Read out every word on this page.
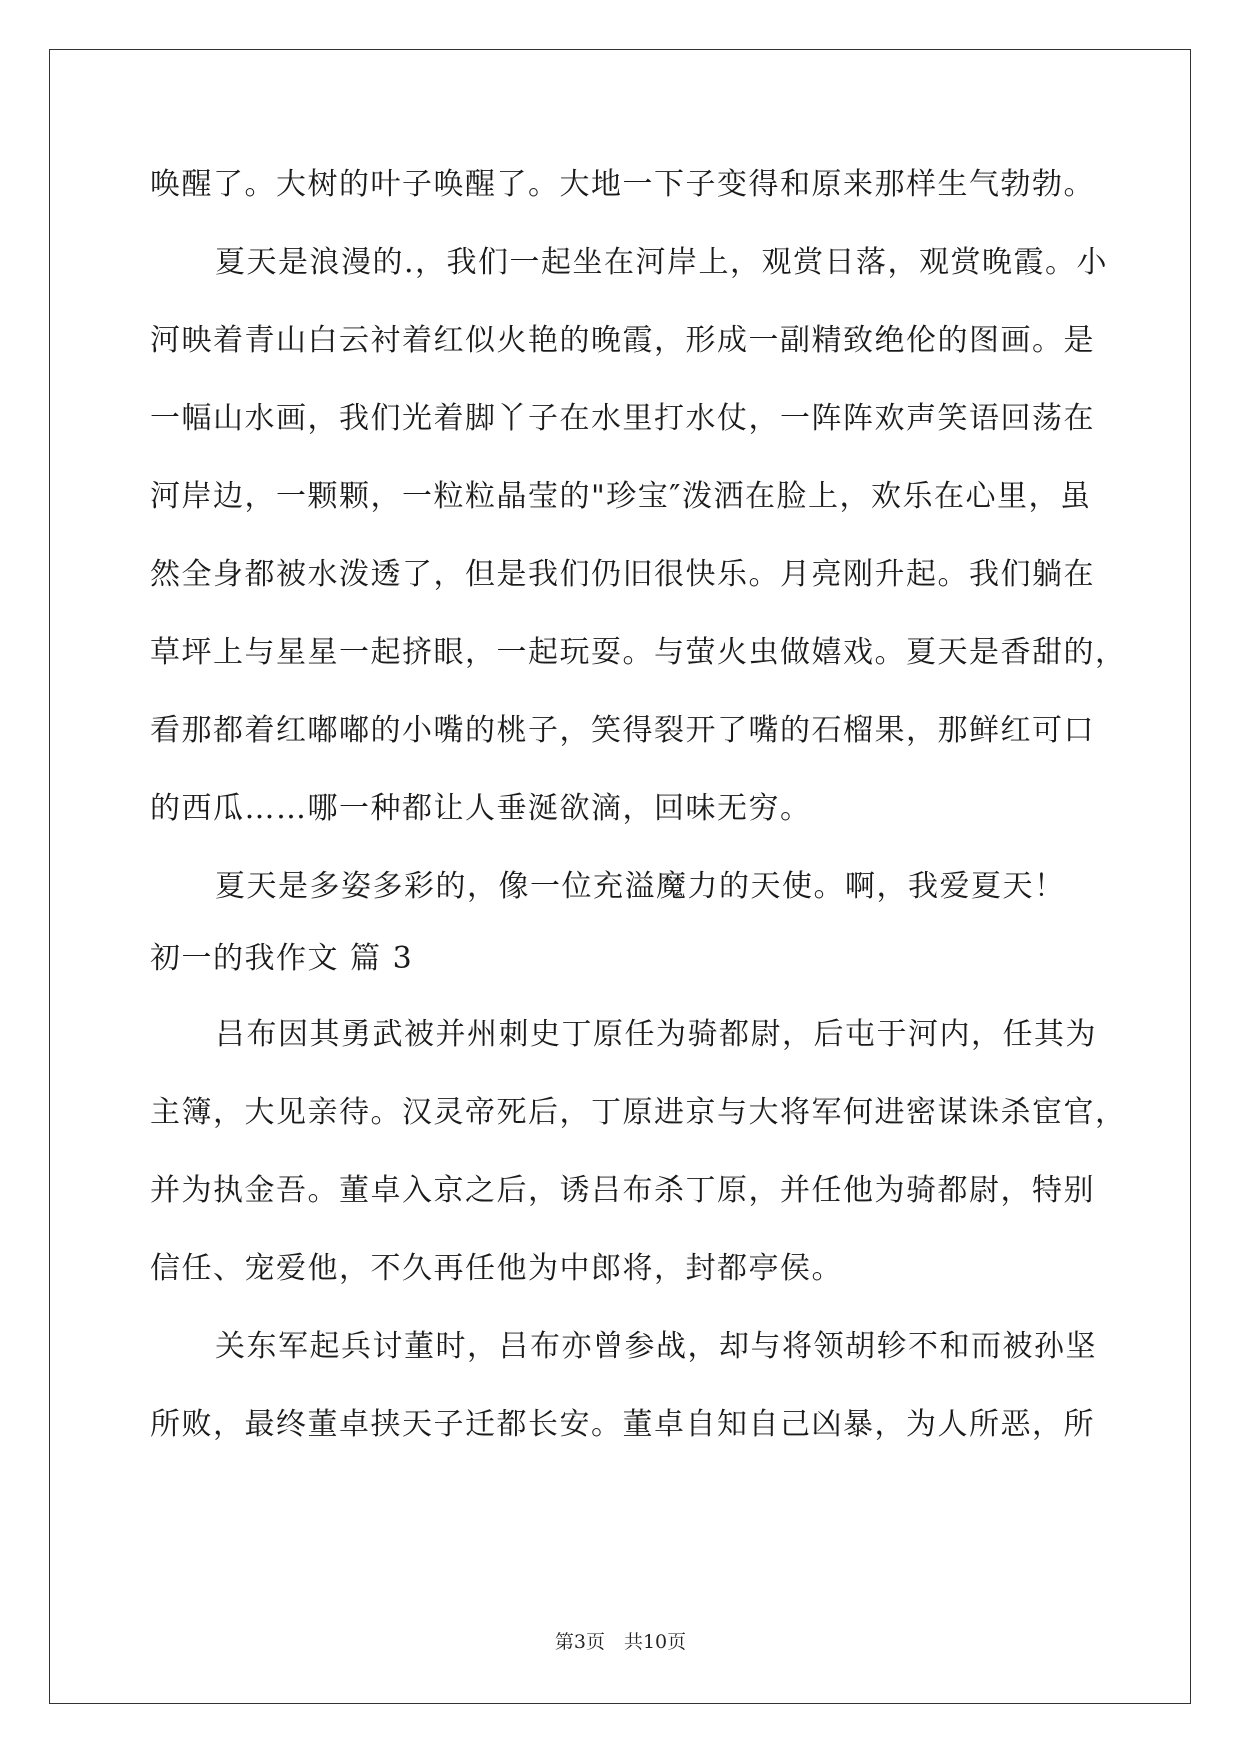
唤醒了。大树的叶子唤醒了。大地一下子变得和原来那样生气勃勃。
夏天是浪漫的.，我们一起坐在河岸上，观赏日落，观赏晚霞。小
河映着青山白云衬着红似火艳的晚霞，形成一副精致绝伦的图画。是
一幅山水画，我们光着脚丫子在水里打水仗，一阵阵欢声笑语回荡在
河岸边，一颗颗，一粒粒晶莹的"珍宝″泼洒在脸上，欢乐在心里，虽
然全身都被水泼透了，但是我们仍旧很快乐。月亮刚升起。我们躺在
草坪上与星星一起挤眼，一起玩耍。与萤火虫做嬉戏。夏天是香甜的，
看那都着红嘟嘟的小嘴的桃子，笑得裂开了嘴的石榴果，那鲜红可口
的西瓜……哪一种都让人垂涎欲滴，回味无穷。
夏天是多姿多彩的，像一位充溢魔力的天使。啊，我爱夏天！
初一的我作文 篇 3
吕布因其勇武被并州刺史丁原任为骑都尉，后屯于河内，任其为
主簿，大见亲待。汉灵帝死后，丁原进京与大将军何进密谋诛杀宦官，
并为执金吾。董卓入京之后，诱吕布杀丁原，并任他为骑都尉，特别
信任、宠爱他，不久再任他为中郎将，封都亭侯。
关东军起兵讨董时，吕布亦曾参战，却与将领胡轸不和而被孙坚
所败，最终董卓挟天子迁都长安。董卓自知自己凶暴，为人所恶，所
第3页　共10页
